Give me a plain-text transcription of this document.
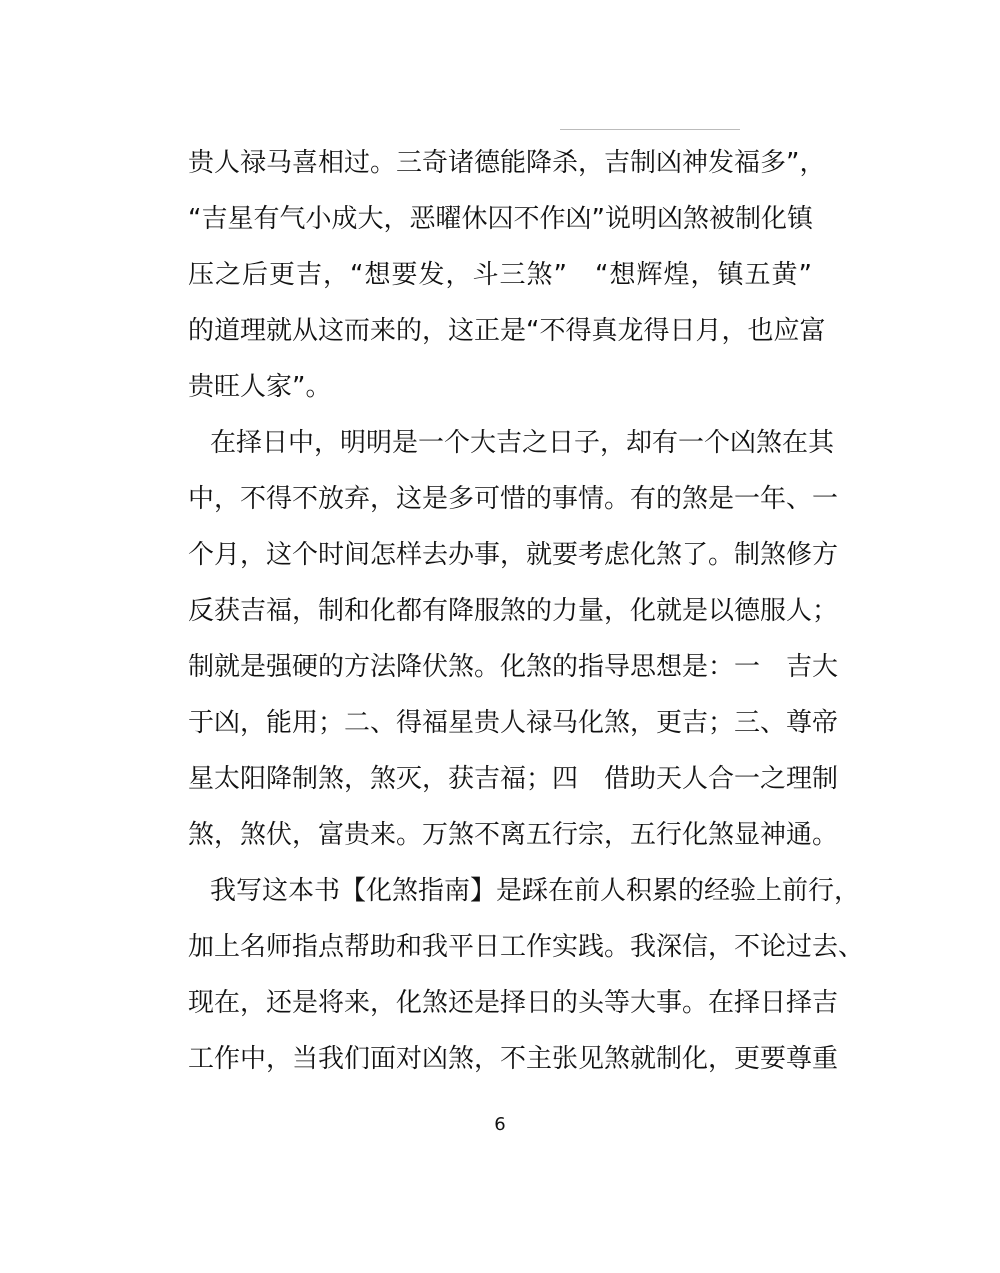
贵人禄马喜相过。三奇诸德能降杀，吉制凶神发福多”，
“吉星有气小成大，恶曜休囚不作凶”说明凶煞被制化镇
压之后更吉，“想要发，斗三煞”　“想辉煌，镇五黄”
的道理就从这而来的，这正是“不得真龙得日月，也应富
贵旺人家”。
在择日中，明明是一个大吉之日子，却有一个凶煞在其
中，不得不放弃，这是多可惜的事情。有的煞是一年、一
个月，这个时间怎样去办事，就要考虑化煞了。制煞修方
反获吉福，制和化都有降服煞的力量，化就是以德服人；
制就是强硬的方法降伏煞。化煞的指导思想是：一　吉大
于凶，能用；二、得福星贵人禄马化煞，更吉；三、尊帝
星太阳降制煞，煞灭，获吉福；四　借助天人合一之理制
煞，煞伏，富贵来。万煞不离五行宗，五行化煞显神通。
我写这本书【化煞指南】是踩在前人积累的经验上前行，
加上名师指点帮助和我平日工作实践。我深信，不论过去、
现在，还是将来，化煞还是择日的头等大事。在择日择吉
工作中，当我们面对凶煞，不主张见煞就制化，更要尊重
6
